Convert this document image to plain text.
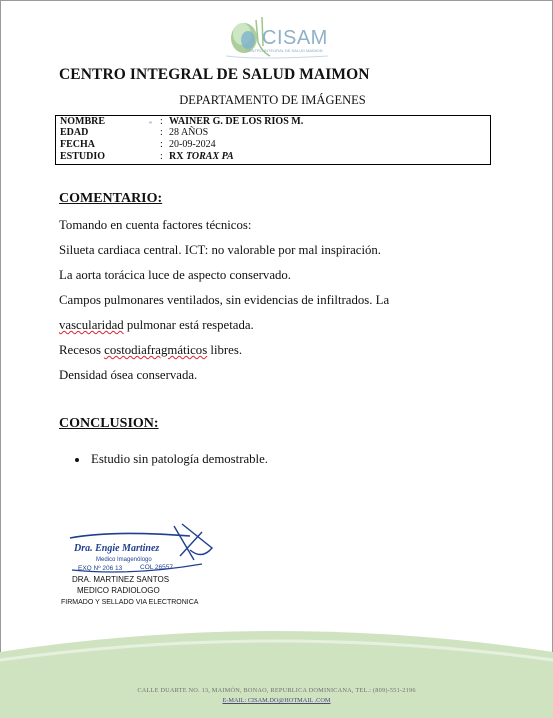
CISAM
CENTRO INTEGRAL DE SALUD MAIMON
CENTRO INTEGRAL DE SALUD MAIMON
DEPARTAMENTO DE IMÁGENES
⁞⁞⁞
NOMBRE	: WAINER G. DE LOS RIOS M.
EDAD	: 28 AÑOS
FECHA	: 20-09-2024
ESTUDIO	: RX TORAX PA
COMENTARIO:
Tomando en cuenta factores técnicos:
Silueta cardiaca central. ICT: no valorable por mal inspiración.
La aorta torácica luce de aspecto conservado.
Campos pulmonares ventilados, sin evidencias de infiltrados. La
vascularidad pulmonar está respetada.
Recesos costodiafragmáticos libres.
Densidad ósea conservada.
CONCLUSION:
Estudio sin patología demostrable.
Dra. Engie Martinez
Medico Imagenólogo
EXQ Nº 206 13	COL 26557
DRA. MARTINEZ SANTOS
MEDICO RADIOLOGO
FIRMADO Y SELLADO VIA ELECTRONICA
CALLE DUARTE NO. 13, MAIMÓN, BONAO, REPUBLICA DOMINICANA, TEL.: (809)-551-2196
E-MAIL: CISAM.DO@HOTMAIL .COM
